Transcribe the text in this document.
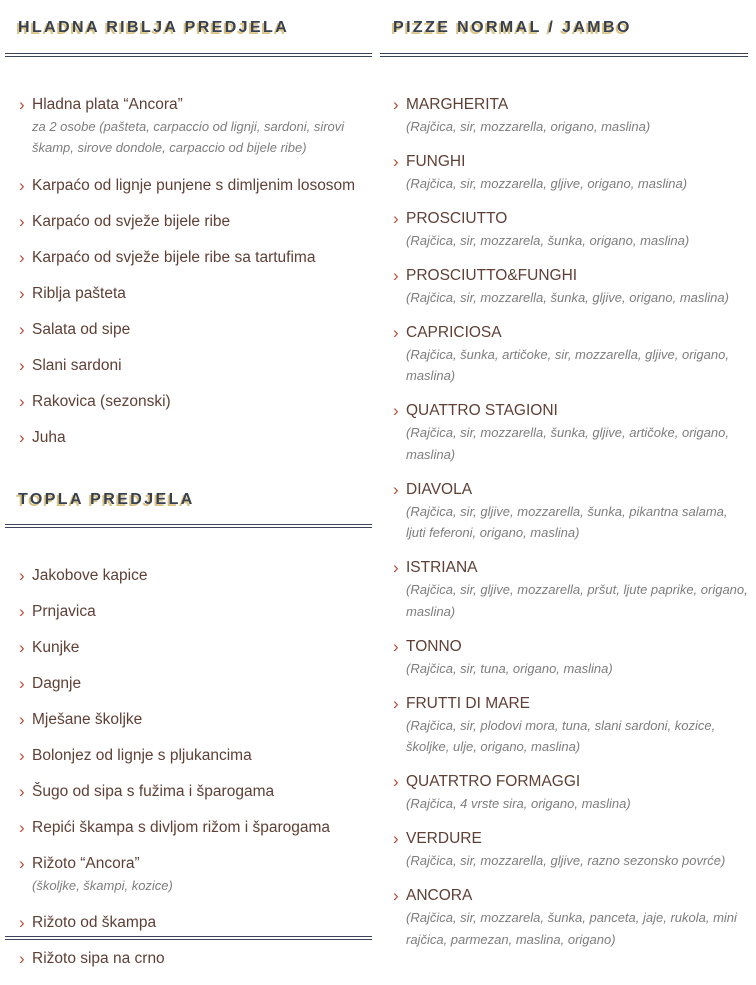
HLADNA RIBLJA PREDJELA
› Hladna plata “Ancora”
za 2 osobe (pašteta, carpaccio od lignji, sardoni, sirovi škamp, sirove dondole, carpaccio od bijele ribe)
› Karpaćo od lignje punjene s dimljenim lososom
› Karpaćo od svježe bijele ribe
› Karpaćo od svježe bijele ribe sa tartufima
› Riblja pašteta
› Salata od sipe
› Slani sardoni
› Rakovica (sezonski)
› Juha
TOPLA PREDJELA
› Jakobove kapice
› Prnjavica
› Kunjke
› Dagnje
› Mješane školjke
› Bolonjez od lignje s pljukancima
› Šugo od sipa s fužima i šparogama
› Repići škampa s divljom rižom i šparogama
› Rižoto “Ancora”
(školjke, škampi, kozice)
› Rižoto od škampa
› Rižoto sipa na crno
PIZZE NORMAL / JAMBO
› MARGHERITA
(Rajčica, sir, mozzarella, origano, maslina)
› FUNGHI
(Rajčica, sir, mozzarella, gljive, origano, maslina)
› PROSCIUTTO
(Rajčica, sir, mozzarela, šunka, origano, maslina)
› PROSCIUTTO&FUNGHI
(Rajčica, sir, mozzarella, šunka, gljive, origano, maslina)
› CAPRICIOSA
(Rajčica, šunka, artičoke, sir, mozzarella, gljive, origano, maslina)
› QUATTRO STAGIONI
(Rajčica, sir, mozzarella, šunka, gljive, artičoke, origano, maslina)
› DIAVOLA
(Rajčica, sir, gljive, mozzarella, šunka, pikantna salama, ljuti feferoni, origano, maslina)
› ISTRIANA
(Rajčica, sir, gljive, mozzarella, pršut, ljute paprike, origano, maslina)
› TONNO
(Rajčica, sir, tuna, origano, maslina)
› FRUTTI DI MARE
(Rajčica, sir, plodovi mora, tuna, slani sardoni, kozice, školjke, ulje, origano, maslina)
› QUATRTRO FORMAGGI
(Rajčica, 4 vrste sira, origano, maslina)
› VERDURE
(Rajčica, sir, mozzarella, gljive, razno sezonsko povrće)
› ANCORA
(Rajčica, sir, mozzarela, šunka, panceta, jaje, rukola, mini rajčica, parmezan, maslina, origano)
